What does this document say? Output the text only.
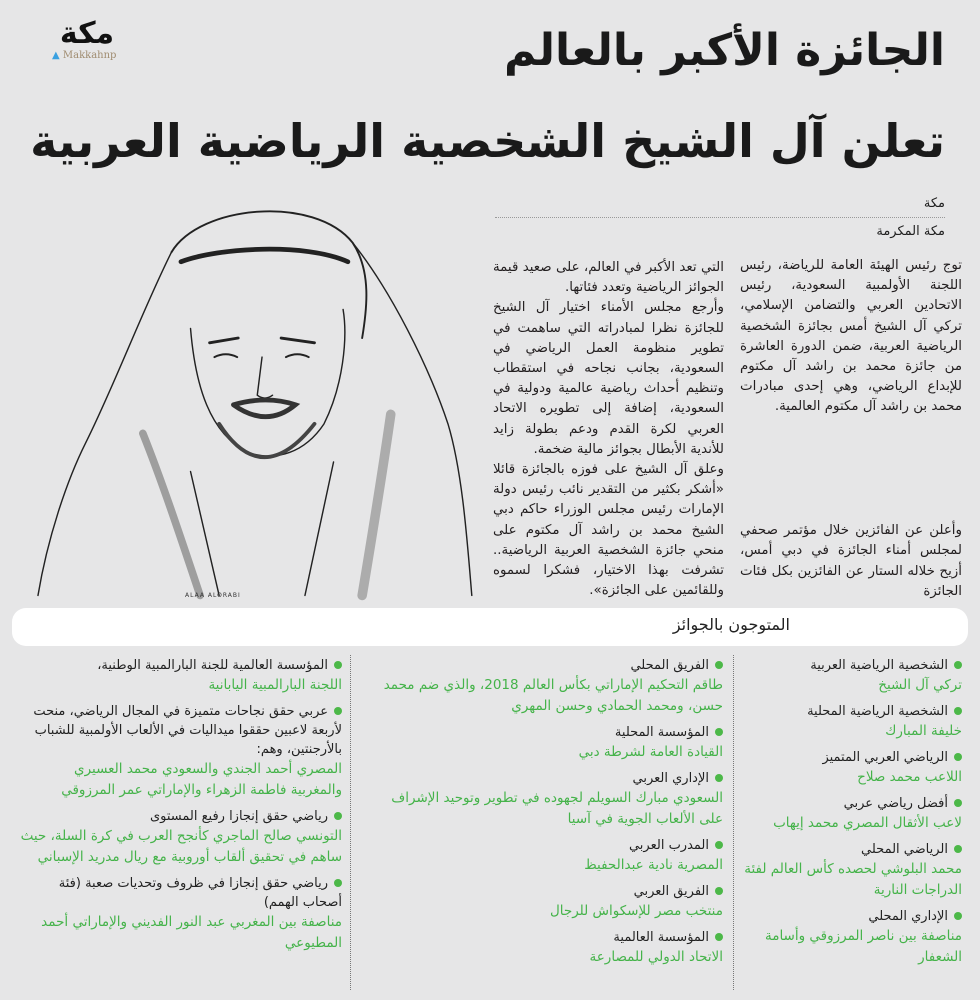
مكة
▲ Makkahnp	الجائزة الأكبر بالعالم
تعلن آل الشيخ الشخصية الرياضية العربية
مكة
مكة المكرمة
ALAA ALORABI

توج رئيس الهيئة العامة للرياضة، رئيس اللجنة الأولمبية السعودية، رئيس الاتحادين العربي والتضامن الإسلامي، تركي آل الشيخ أمس بجائزة الشخصية الرياضية العربية، ضمن الدورة العاشرة من جائزة محمد بن راشد آل مكتوم للإبداع الرياضي، وهي إحدى مبادرات محمد بن راشد آل مكتوم العالمية.

وأعلن عن الفائزين خلال مؤتمر صحفي لمجلس أمناء الجائزة في دبي أمس، أزيح خلاله الستار عن الفائزين بكل فئات الجائزة

التي تعد الأكبر في العالم، على صعيد قيمة الجوائز الرياضية وتعدد فئاتها.

وأرجع مجلس الأمناء اختيار آل الشيخ للجائزة نظرا لمبادراته التي ساهمت في تطوير منظومة العمل الرياضي في السعودية، بجانب نجاحه في استقطاب وتنظيم أحداث رياضية عالمية ودولية في السعودية، إضافة إلى تطويره الاتحاد العربي لكرة القدم ودعم بطولة زايد للأندية الأبطال بجوائز مالية ضخمة.

وعلق آل الشيخ على فوزه بالجائزة قائلا «أشكر بكثير من التقدير نائب رئيس دولة الإمارات رئيس مجلس الوزراء حاكم دبي الشيخ محمد بن راشد آل مكتوم على منحي جائزة الشخصية العربية الرياضية.. تشرفت بهذا الاختيار، فشكرا لسموه وللقائمين على الجائزة».

المتوجون بالجوائز
الشخصية الرياضية العربية
تركي آل الشيخ
الشخصية الرياضية المحلية
خليفة المبارك
الرياضي العربي المتميز
اللاعب محمد صلاح
أفضل رياضي عربي
لاعب الأثقال المصري محمد إيهاب
الرياضي المحلي
محمد البلوشي لحصده كأس العالم لفئة الدراجات النارية
الإداري المحلي
مناصفة بين ناصر المرزوقي وأسامة الشعفار
الفريق المحلي
طاقم التحكيم الإماراتي بكأس العالم 2018، والذي ضم محمد حسن، ومحمد الحمادي وحسن المهري
المؤسسة المحلية
القيادة العامة لشرطة دبي
الإداري العربي
السعودي مبارك السويلم لجهوده في تطوير وتوحيد الإشراف على الألعاب الجوية في آسيا
المدرب العربي
المصرية نادية عبدالحفيظ
الفريق العربي
منتخب مصر للإسكواش للرجال
المؤسسة العالمية
الاتحاد الدولي للمصارعة
المؤسسة العالمية للجنة البارالمبية الوطنية،
اللجنة البارالمبية اليابانية
عربي حقق نجاحات متميزة في المجال الرياضي، منحت لأربعة لاعبين حققوا ميداليات في الألعاب الأولمبية للشباب بالأرجنتين، وهم:
المصري أحمد الجندي والسعودي محمد العسيري والمغربية فاطمة الزهراء والإماراتي عمر المرزوقي
رياضي حقق إنجازا رفيع المستوى
التونسي صالح الماجري كأنجح العرب في كرة السلة، حيث ساهم في تحقيق ألقاب أوروبية مع ريال مدريد الإسباني
رياضي حقق إنجازا في ظروف وتحديات صعبة (فئة أصحاب الهمم)
مناصفة بين المغربي عبد النور الفديني والإماراتي أحمد المطيوعي
